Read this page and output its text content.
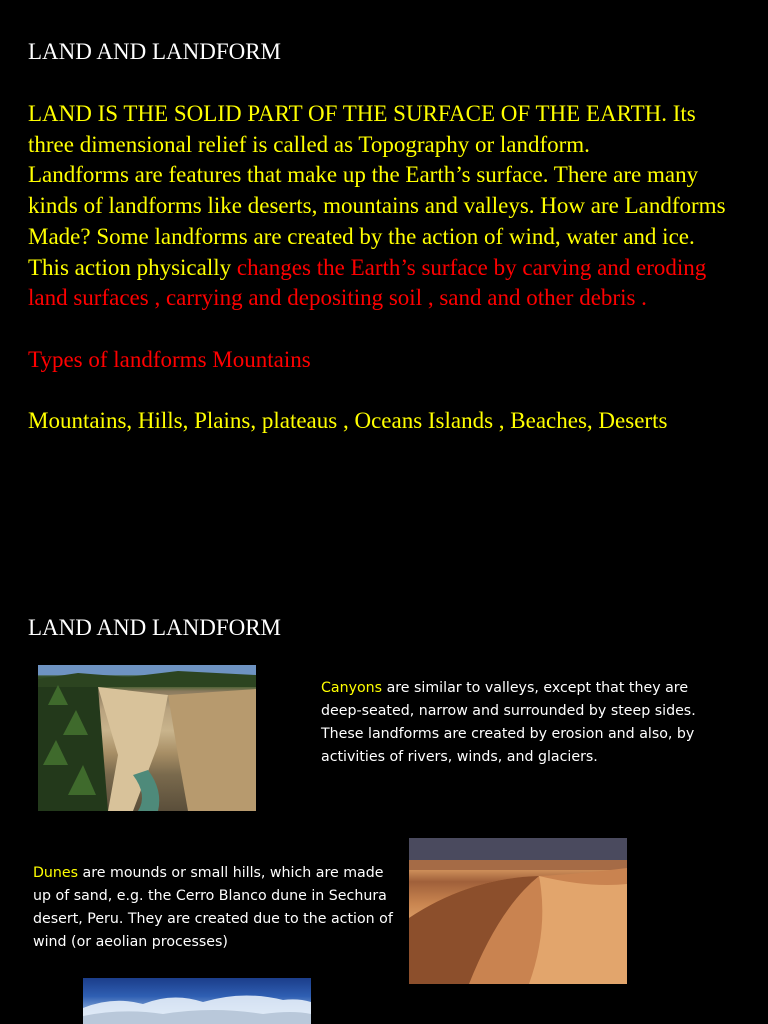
LAND AND LANDFORM

LAND IS THE SOLID PART OF THE SURFACE OF THE EARTH. Its three dimensional relief is called as Topography or landform.

Landforms are features that make up the Earth’s surface. There are many kinds of landforms like deserts, mountains and valleys. How are Landforms Made? Some landforms are created by the action of wind, water and ice. This action physically changes the Earth’s surface by carving and eroding land surfaces , carrying and depositing soil , sand and other debris .

Types of landforms Mountains

Mountains, Hills, Plains, plateaus , Oceans Islands , Beaches, Deserts

LAND AND LANDFORM
Canyons are similar to valleys, except that they are deep-seated, narrow and surrounded by steep sides. These landforms are created by erosion and also, by activities of rivers, winds, and glaciers.
Dunes are mounds or small hills, which are made up of sand, e.g. the Cerro Blanco dune in Sechura desert, Peru. They are created due to the action of wind (or aeolian processes)
